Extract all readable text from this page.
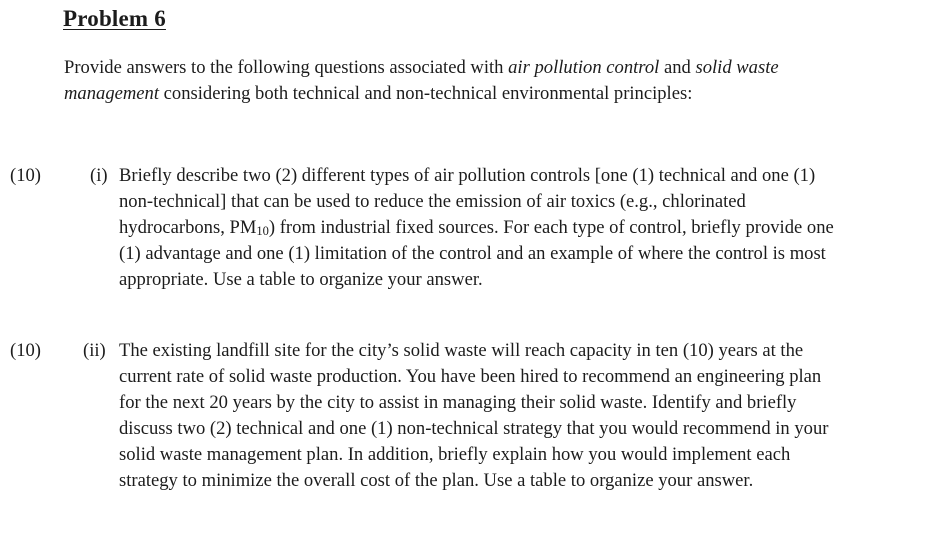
Problem 6

Provide answers to the following questions associated with air pollution control and solid waste management considering both technical and non-technical environmental principles:

(10)	(i) Briefly describe two (2) different types of air pollution controls [one (1) technical and one (1) non-technical] that can be used to reduce the emission of air toxics (e.g., chlorinated hydrocarbons, $PM_{10}$) from industrial fixed sources. For each type of control, briefly provide one (1) advantage and one (1) limitation of the control and an example of where the control is most appropriate. Use a table to organize your answer.

(10)	(ii) The existing landfill site for the city’s solid waste will reach capacity in ten (10) years at the current rate of solid waste production. You have been hired to recommend an engineering plan for the next 20 years by the city to assist in managing their solid waste. Identify and briefly discuss two (2) technical and one (1) non-technical strategy that you would recommend in your solid waste management plan. In addition, briefly explain how you would implement each strategy to minimize the overall cost of the plan. Use a table to organize your answer.
